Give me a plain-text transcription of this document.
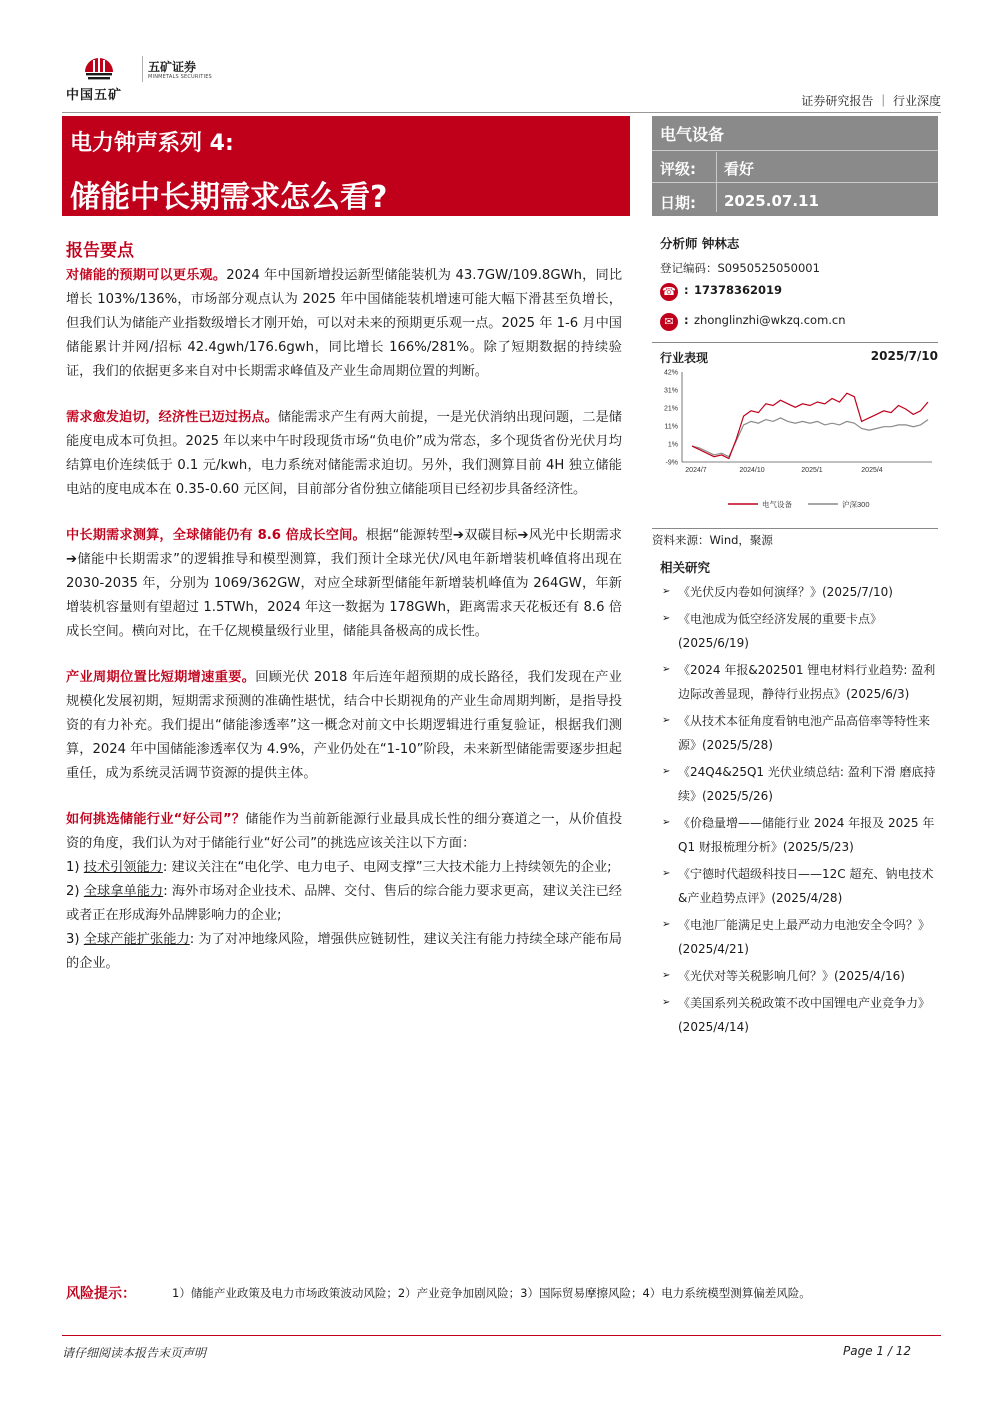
中国五矿
五矿证券
MINMETALS SECURITIES
证券研究报告 ｜ 行业深度
电力钟声系列 4:
储能中长期需求怎么看?
电气设备
评级: 看好
日期: 2025.07.11
报告要点

对储能的预期可以更乐观。2024 年中国新增投运新型储能装机为 43.7GW/109.8GWh，同比增长 103%/136%，市场部分观点认为 2025 年中国储能装机增速可能大幅下滑甚至负增长，但我们认为储能产业指数级增长才刚开始，可以对未来的预期更乐观一点。2025 年 1-6 月中国储能累计并网/招标 42.4gwh/176.6gwh，同比增长 166%/281%。除了短期数据的持续验证，我们的依据更多来自对中长期需求峰值及产业生命周期位置的判断。

需求愈发迫切，经济性已迈过拐点。储能需求产生有两大前提，一是光伏消纳出现问题，二是储能度电成本可负担。2025 年以来中午时段现货市场“负电价”成为常态，多个现货省份光伏月均结算电价连续低于 0.1 元/kwh，电力系统对储能需求迫切。另外，我们测算目前 4H 独立储能电站的度电成本在 0.35-0.60 元区间，目前部分省份独立储能项目已经初步具备经济性。

中长期需求测算，全球储能仍有 8.6 倍成长空间。根据“能源转型➔双碳目标➔风光中长期需求➔储能中长期需求”的逻辑推导和模型测算，我们预计全球光伏/风电年新增装机峰值将出现在 2030-2035 年，分别为 1069/362GW，对应全球新型储能年新增装机峰值为 264GW，年新增装机容量则有望超过 1.5TWh，2024 年这一数据为 178GWh，距离需求天花板还有 8.6 倍成长空间。横向对比，在千亿规模量级行业里，储能具备极高的成长性。

产业周期位置比短期增速重要。回顾光伏 2018 年后连年超预期的成长路径，我们发现在产业规模化发展初期，短期需求预测的准确性堪忧，结合中长期视角的产业生命周期判断，是指导投资的有力补充。我们提出“储能渗透率”这一概念对前文中长期逻辑进行重复验证，根据我们测算，2024 年中国储能渗透率仅为 4.9%，产业仍处在“1-10”阶段，未来新型储能需要逐步担起重任，成为系统灵活调节资源的提供主体。

如何挑选储能行业“好公司”？储能作为当前新能源行业最具成长性的细分赛道之一，从价值投资的角度，我们认为对于储能行业“好公司”的挑选应该关注以下方面：

1) 技术引领能力: 建议关注在“电化学、电力电子、电网支撑”三大技术能力上持续领先的企业;

2) 全球拿单能力: 海外市场对企业技术、品牌、交付、售后的综合能力要求更高，建议关注已经或者正在形成海外品牌影响力的企业;

3) 全球产能扩张能力: 为了对冲地缘风险，增强供应链韧性，建议关注有能力持续全球产能布局的企业。

分析师 钟林志
登记编码：S0950525050001
☎ : 17378362019
✉ : zhonglinzhi@wkzq.com.cn
行业表现	2025/7/10
42%
31%
21%
11%
1%
-9%
2024/7	2024/10	2025/1	2025/4
电气设备	沪深300
资料来源：Wind，聚源
相关研究
➢ 《光伏反内卷如何演绎？》(2025/7/10)
➢ 《电池成为低空经济发展的重要卡点》(2025/6/19)
➢ 《2024 年报&202501 锂电材料行业趋势: 盈利边际改善显现，静待行业拐点》(2025/6/3)
➢ 《从技术本征角度看钠电池产品高倍率等特性来源》(2025/5/28)
➢ 《24Q4&25Q1 光伏业绩总结: 盈利下滑 磨底持续》(2025/5/26)
➢ 《价稳量增——储能行业 2024 年报及 2025 年 Q1 财报梳理分析》(2025/5/23)
➢ 《宁德时代超级科技日——12C 超充、钠电技术&产业趋势点评》(2025/4/28)
➢ 《电池厂能满足史上最严动力电池安全令吗？》(2025/4/21)
➢ 《光伏对等关税影响几何？》(2025/4/16)
➢ 《美国系列关税政策不改中国锂电产业竞争力》(2025/4/14)
风险提示：	1）储能产业政策及电力市场政策波动风险；2）产业竞争加剧风险；3）国际贸易摩擦风险；4）电力系统模型测算偏差风险。
请仔细阅读本报告末页声明	Page 1 / 12
